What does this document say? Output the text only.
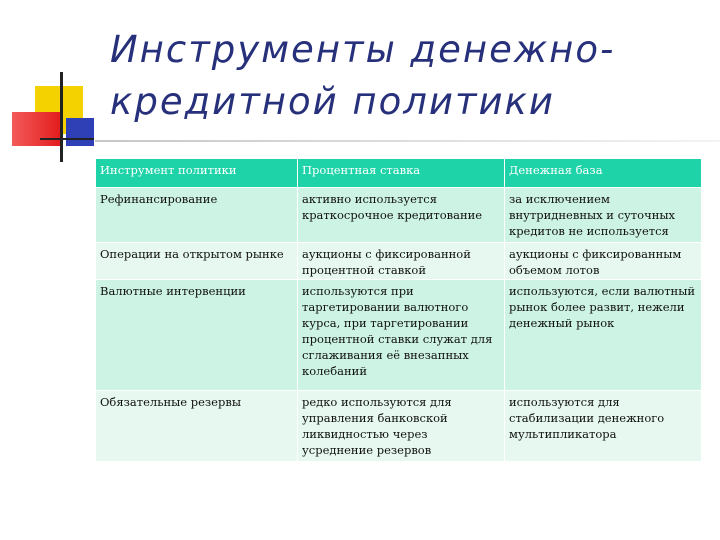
Инструменты денежно-кредитной политики
Инструмент политики	Процентная ставка	Денежная база
Рефинансирование	активно используется краткосрочное кредитование	за исключением внутридневных и суточных кредитов не используется
Операции на открытом рынке	аукционы с фиксированной процентной ставкой	аукционы с фиксированным объемом лотов
Валютные интервенции	используются при таргетировании валютного курса, при таргетировании процентной ставки служат для сглаживания её внезапных колебаний	используются, если валютный рынок более развит, нежели денежный рынок
Обязательные резервы	редко используются для управления банковской ликвидностью через усреднение резервов	используются для стабилизации денежного мультипликатора
